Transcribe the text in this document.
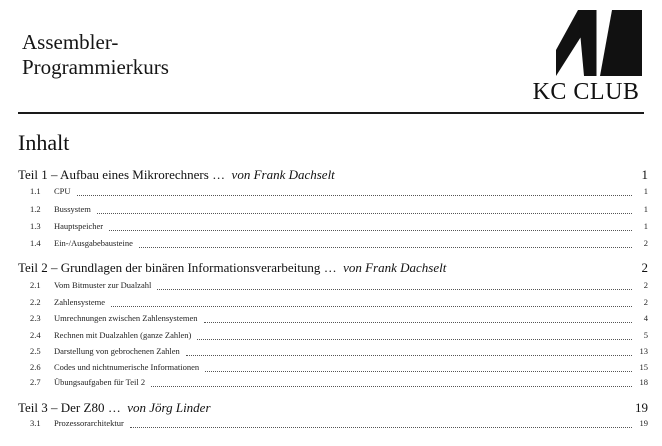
Assembler-
Programmierkurs
KC CLUB
Inhalt
Teil 1 – Aufbau eines Mikrorechners ... von Frank Dachselt	1
1.1	CPU	1
1.2	Bussystem	1
1.3	Hauptspeicher	1
1.4	Ein-/Ausgabebausteine	2
Teil 2 – Grundlagen der binären Informationsverarbeitung ... von Frank Dachselt	2
2.1	Vom Bitmuster zur Dualzahl	2
2.2	Zahlensysteme	2
2.3	Umrechnungen zwischen Zahlensystemen	4
2.4	Rechnen mit Dualzahlen (ganze Zahlen)	5
2.5	Darstellung von gebrochenen Zahlen	13
2.6	Codes und nichtnumerische Informationen	15
2.7	Übungsaufgaben für Teil 2	18
Teil 3 – Der Z80 ... von Jörg Linder	19
3.1	Prozessorarchitektur	19
